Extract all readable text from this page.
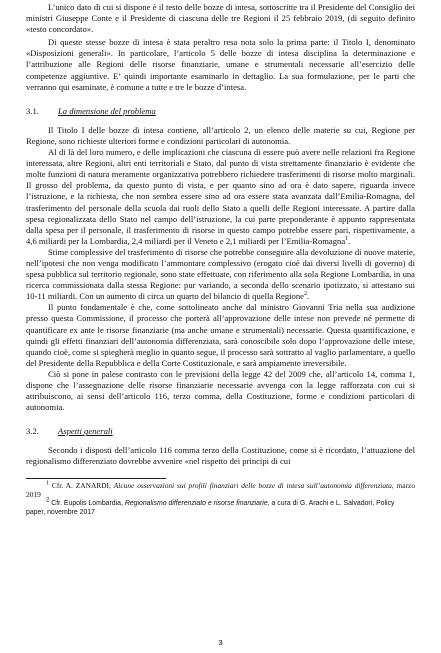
L’unico dato di cui si dispone è il testo delle bozze di intesa, sottoscritte tra il Presidente del Consiglio dei ministri Giuseppe Conte e il Presidente di ciascuna delle tre Regioni il 25 febbraio 2019, (di seguito definito «testo concordato».

Di queste stesse bozze di intesa è stata peraltro resa nota solo la prima parte: il Titolo I, denominato «Disposizioni generali». In particolare, l’articolo 5 delle bozze di intesa disciplina la determinazione e l’attribuzione alle Regioni delle risorse finanziarie, umane e strumentali necessarie all’esercizio delle competenze aggiuntive. E’ quindi importante esaminarlo in dettaglio. La sua formulazione, per le parti che verranno qui esaminate, è comune a tutte e tre le bozze d’intesa.

3.1.	La dimensione del problema

Il Titolo I delle bozze di intesa contiene, all’articolo 2, un elenco delle materie su cui, Regione per Regione, sono richieste ulteriori forme e condizioni particolari di autonomia.

Al di là del loro numero, e delle implicazioni che ciascuna di essere può avere nelle relazioni fra Regione interessata, altre Regioni, altri enti territoriali e Stato, dal punto di vista strettamente finanziario è evidente che molte funzioni di natura meramente organizzativa potrebbero richiedere trasferimenti di risorse molto marginali. Il grosso del problema, da questo punto di vista, e per quanto sino ad ora è dato sapere, riguarda invece l’istruzione, e la richiesta, che non sembra essere sino ad ora essere stata avanzata dall’Emilia-Romagna, del trasferimento del personale della scuola dai ruoli dello Stato a quelli delle Regioni interessate. A partire dalla spesa regionalizzata dello Stato nel campo dell’istruzione, la cui parte preponderante è appunto rappresentata dalla spesa per il personale, il trasferimento di risorse in questo campo potrebbe essere pari, rispettivamente, a 4,6 miliardi per la Lombardia, 2,4 miliardi per il Veneto e 2,1 miliardi per l’Emilia-Romagna$^1$.

Stime complessive del trasferimento di risorse che potrebbe conseguire alla devoluzione di nuove materie, nell’ipotesi che non venga modificato l’ammontare complessivo (erogato cioè dai diversi livelli di governo) di spesa pubblica sul territorio regionale, sono state effettuate, con riferimento alla sola Regione Lombardia, in una ricerca commissionata dalla stessa Regione: pur variando, a seconda dello scenario ipotizzato, si attestano sui 10-11 miliardi. Con un aumento di circa un quarto del bilancio di quella Regione$^2$.

Il punto fondamentale è che, come sottolineato anche dal ministro Giovanni Tria nella sua audizione presso questa Commissione, il processo che porterà all’approvazione delle intese non prevede né permette di quantificare ex ante le risorse finanziarie (ma anche umane e strumentali) necessarie. Questa quantificazione, e quindi gli effetti finanziari dell’autonomia differenziata, sarà conoscibile solo dopo l’approvazione delle intese, quando cioè, come si spiegherà meglio in quanto segue, il processo sarà sottratto al vaglio parlamentare, a quello del Presidente della Repubblica e della Corte Costituzionale, e sarà ampiamente irreversibile.

Ciò si pone in palese contrasto con le previsioni della legge 42 del 2009 che, all’articolo 14, comma 1, dispone che l’assegnazione delle risorse finanziarie necessarie avvenga con la legge rafforzata con cui si attribuiscono, ai sensi dell’articolo 116, terzo comma, della Costituzione, forme e condizioni particolari di autonomia.

3.2.	Aspetti generali

Secondo i disposti dell’articolo 116 comma terzo della Costituzione, come si è ricordato, l’attuazione del regionalismo differenziato dovrebbe avvenire «nel rispetto dei principi di cui

$^1$ Cfr. A. ZANARDI, Alcune osservazioni sui profili finanziari delle bozze di intesa sull’autonomia differenziata, marzo 2019

$^2$ Cfr. Eupolis Lombardia, Regionalismo differenziato e risorse finanziarie, a cura di G. Arachi e L. Salvadori, Policy paper, novembre 2017

3
